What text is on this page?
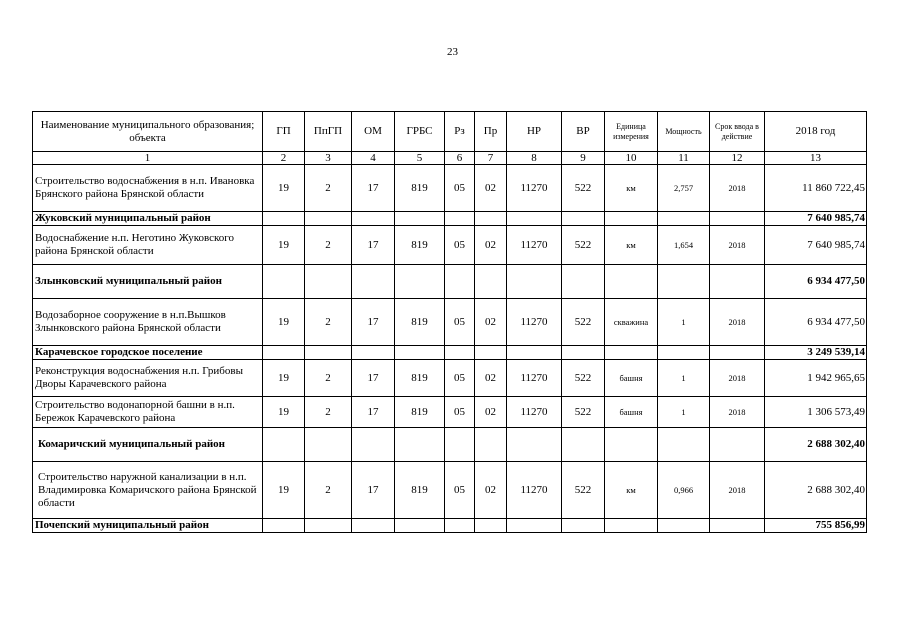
23
Наименование муниципального образования; объекта	ГП	ПпГП	ОМ	ГРБС	Рз	Пр	НР	ВР	Единица измерения	Мощность	Срок ввода в действие	2018 год
1	2	3	4	5	6	7	8	9	10	11	12	13
Строительство водоснабжения в н.п. Ивановка Брянского района Брянской области	19	2	17	819	05	02	11270	522	км	2,757	2018	11 860 722,45
Жуковский муниципальный район												7 640 985,74
Водоснабжение н.п. Неготино Жуковского района Брянской области	19	2	17	819	05	02	11270	522	км	1,654	2018	7 640 985,74
Злынковский муниципальный район												6 934 477,50
Водозаборное сооружение в н.п.Вышков Злынковского района Брянской области	19	2	17	819	05	02	11270	522	скважина	1	2018	6 934 477,50
Карачевское городское поселение												3 249 539,14
Реконструкция водоснабжения н.п. Грибовы Дворы Карачевского района	19	2	17	819	05	02	11270	522	башня	1	2018	1 942 965,65
Строительство водонапорной башни в н.п. Бережок Карачевского района	19	2	17	819	05	02	11270	522	башня	1	2018	1 306 573,49
Комаричский муниципальный район												2 688 302,40
Строительство наружной канализации в н.п. Владимировка Комаричского района Брянской области	19	2	17	819	05	02	11270	522	км	0,966	2018	2 688 302,40
Почепский муниципальный район												755 856,99
